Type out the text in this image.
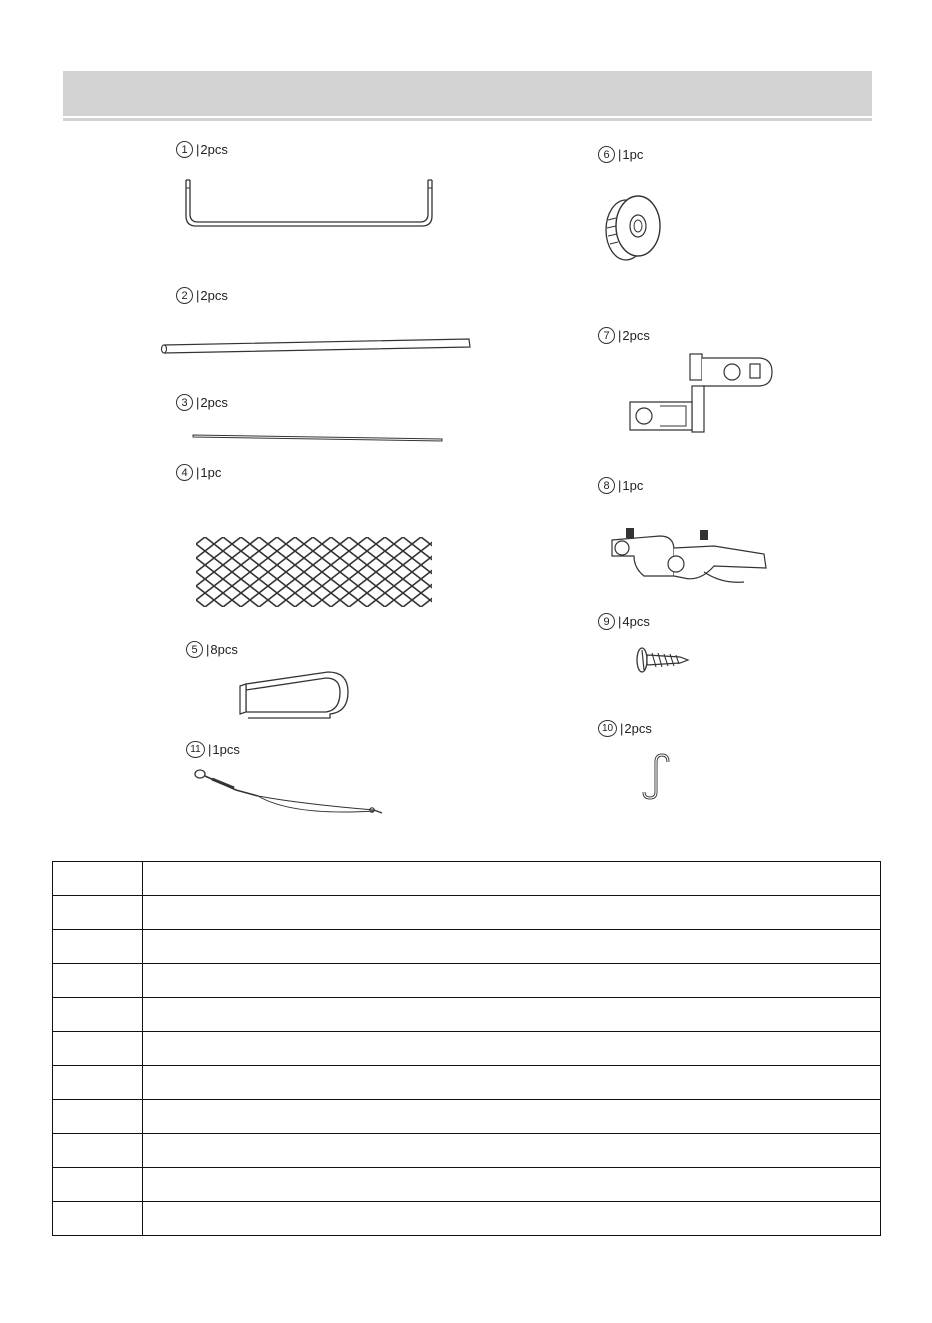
1 | 2pcs
2 | 2pcs
3 | 2pcs
4 | 1pc
5 | 8pcs
11 | 1pcs
6 | 1pc
7 | 2pcs
8 | 1pc
9 | 4pcs
10 | 2pcs
